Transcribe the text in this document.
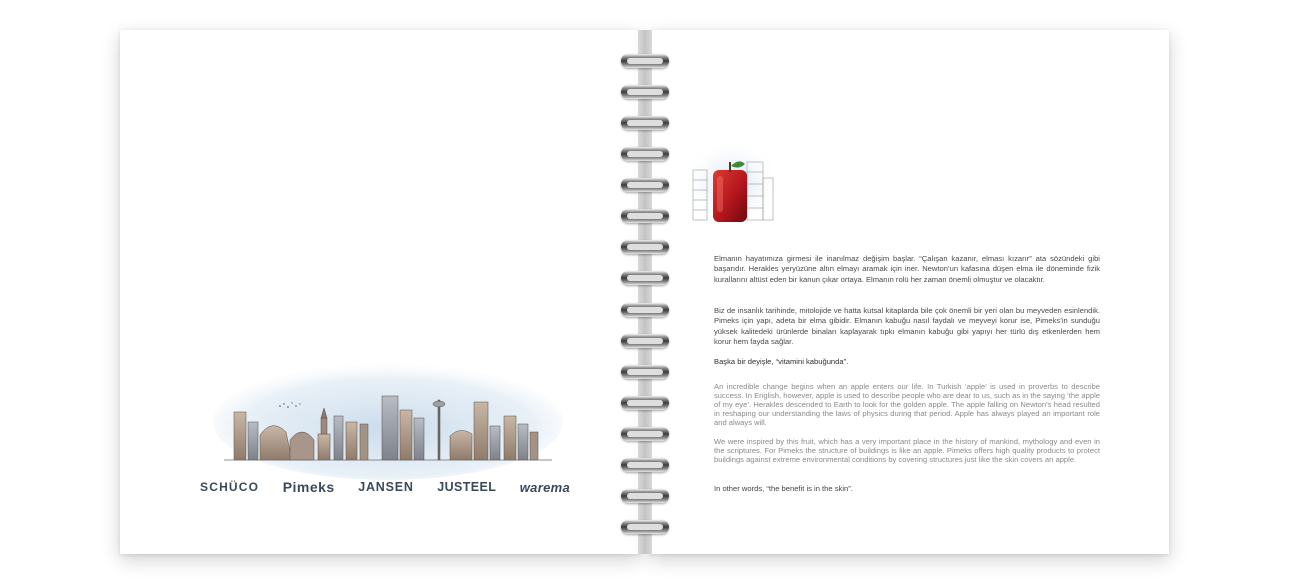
SCHÜCO Pimeks JANSEN JUSTEEL warema

Elmanın hayatımıza girmesi ile inanılmaz değişim başlar. “Çalışan kazanır, elması kızarır” ata sözündeki gibi başarıdır. Herakles yeryüzüne altın elmayı aramak için iner. Newton’un kafasına düşen elma ile döneminde fizik kurallarını altüst eden bir kanun çıkar ortaya. Elmanın rolü her zaman önemli olmuştur ve olacaktır.

Biz de insanlık tarihinde, mitolojide ve hatta kutsal kitaplarda bile çok önemli bir yeri olan bu meyveden esinlendik. Pimeks için yapı, adeta bir elma gibidir. Elmanın kabuğu nasıl faydalı ve meyveyi korur ise, Pimeks’in sunduğu yüksek kalitedeki ürünlerde binaları kaplayarak tıpkı elmanın kabuğu gibi yapıyı her türlü dış etkenlerden hem korur hem fayda sağlar.

Başka bir deyişle, “vitamini kabuğunda”.

An incredible change begins when an apple enters our life. In Turkish ‘apple’ is used in proverbs to describe success. In English, however, apple is used to describe people who are dear to us, such as in the saying ‘the apple of my eye’. Herakles descended to Earth to look for the golden apple. The apple falling on Newton’s head resulted in reshaping our understanding the laws of physics during that period. Apple has always played an important role and always will.

We were inspired by this fruit, which has a very important place in the history of mankind, mythology and even in the scriptures. For Pimeks the structure of buildings is like an apple. Pimeks offers high quality products to protect buildings against extreme environmental conditions by covering structures just like the skin covers an apple.

In other words, “the benefit is in the skin”.
